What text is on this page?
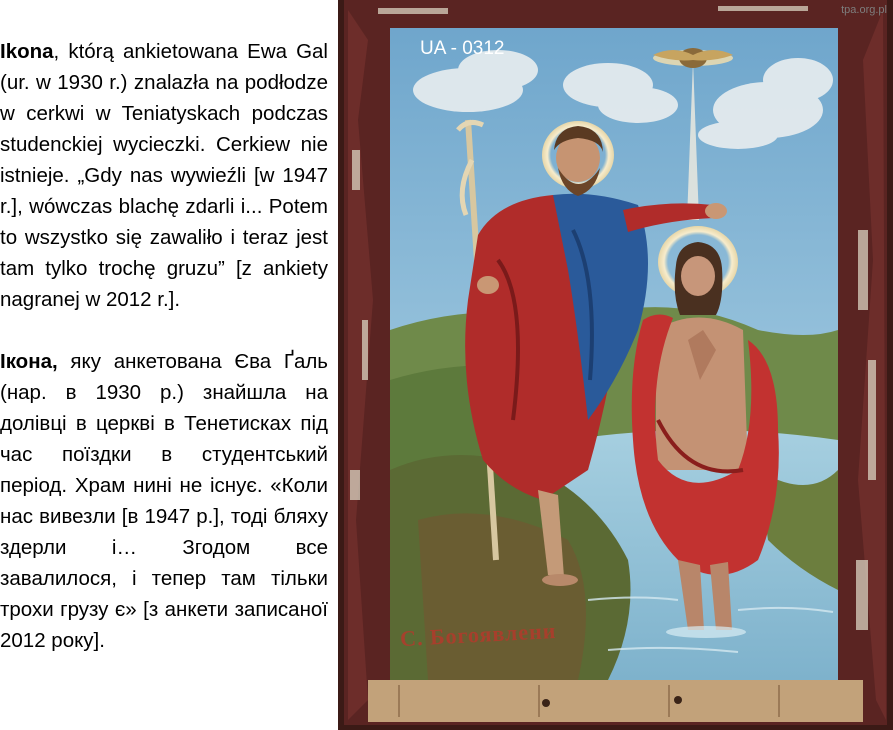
Ikona, którą ankietowana Ewa Gal (ur. w 1930 r.) znalazła na podłodze w cerkwi w Teniatyskach podczas studenckiej wycieczki. Cerkiew nie istnieje. „Gdy nas wywieźli [w 1947 r.], wówczas blachę zdarli i... Potem to wszystko się zawaliło i teraz jest tam tylko trochę gruzu” [z ankiety nagranej w 2012 r.].

Ікона, яку анкетована Єва Ґаль (нар. в 1930 р.) знайшла на долівці в церкві в Тенетисках під час поїздки в студентський період. Храм нині не існує. «Коли нас вивезли [в 1947 р.], тоді бляху здерли і… Згодом все завалилося, і тепер там тільки трохи грузу є» [з анкети записаної 2012 року].

UA - 0312
tpa.org.pl
С. Богоявлени
